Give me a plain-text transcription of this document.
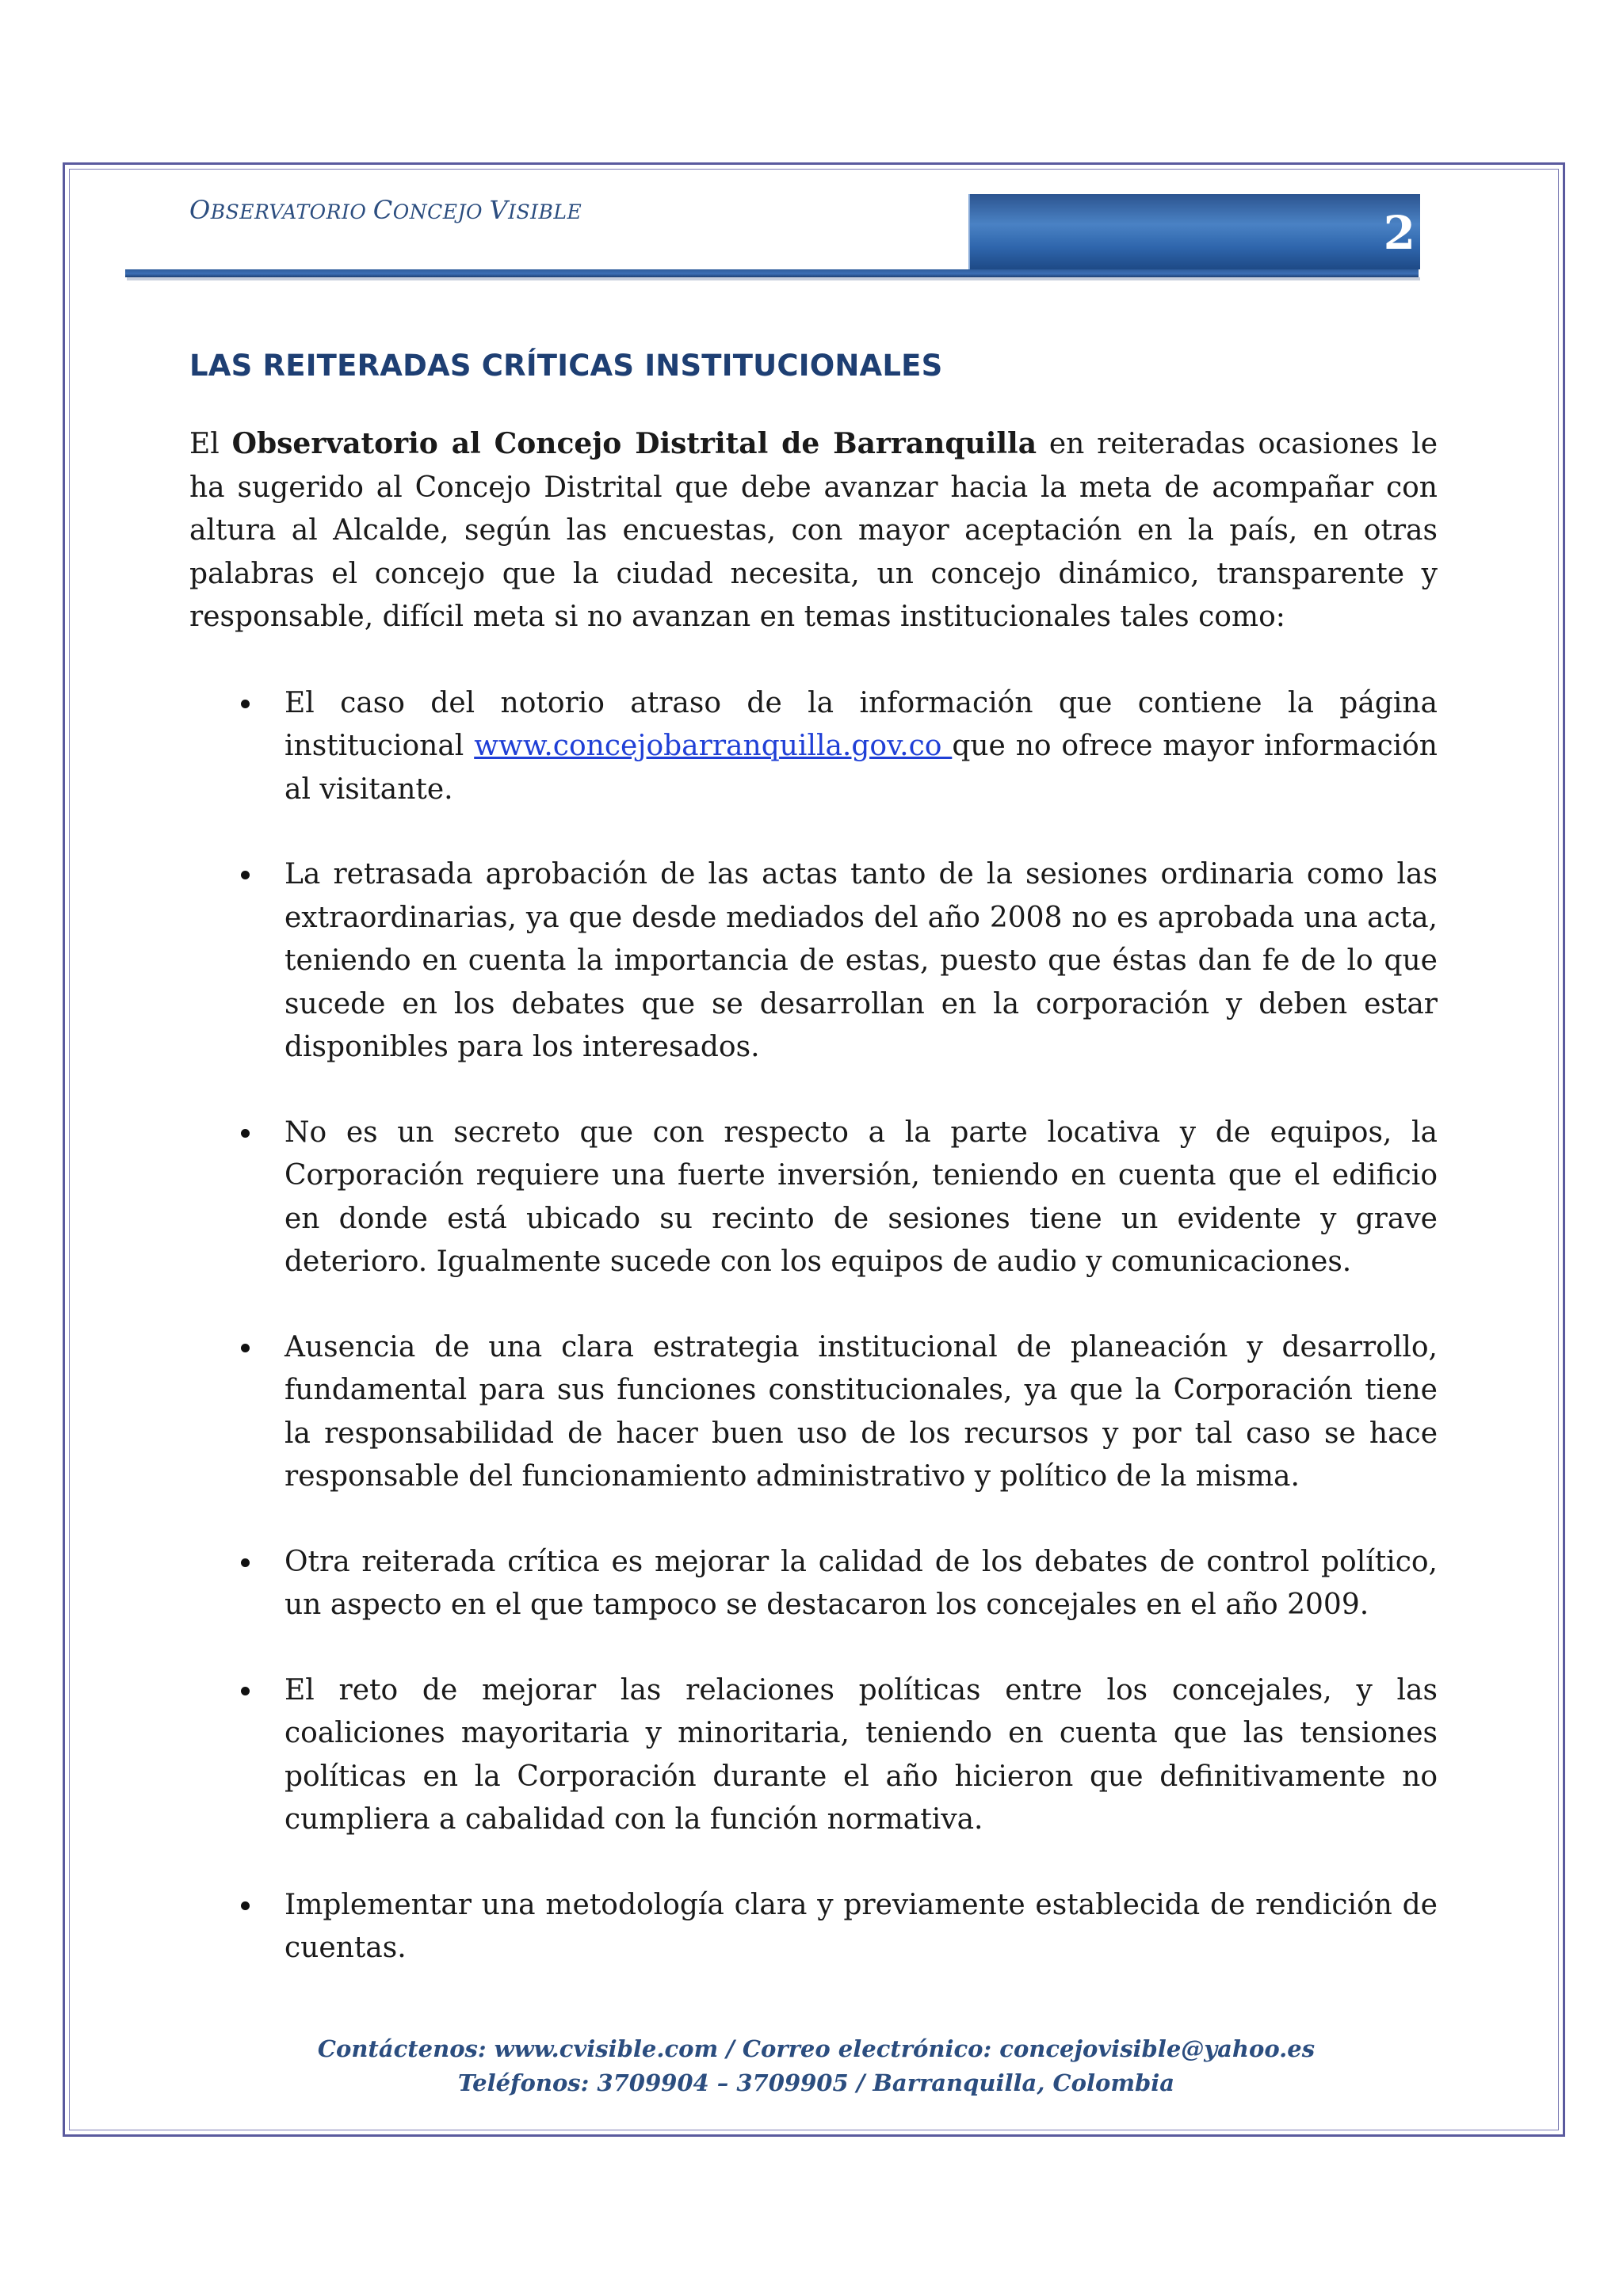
OBSERVATORIO CONCEJO VISIBLE	2

LAS REITERADAS CRÍTICAS INSTITUCIONALES

El Observatorio al Concejo Distrital de Barranquilla en reiteradas ocasiones le ha sugerido al Concejo Distrital que debe avanzar hacia la meta de acompañar con altura al Alcalde, según las encuestas, con mayor aceptación en la país, en otras palabras el concejo que la ciudad necesita, un concejo dinámico, transparente y responsable, difícil meta si no avanzan en temas institucionales tales como:

El caso del notorio atraso de la información que contiene la página institucional www.concejobarranquilla.gov.co que no ofrece mayor información al visitante.
La retrasada aprobación de las actas tanto de la sesiones ordinaria como las extraordinarias, ya que desde mediados del año 2008 no es aprobada una acta, teniendo en cuenta la importancia de estas, puesto que éstas dan fe de lo que sucede en los debates que se desarrollan en la corporación y deben estar disponibles para los interesados.
No es un secreto que con respecto a la parte locativa y de equipos, la Corporación requiere una fuerte inversión, teniendo en cuenta que el edificio en donde está ubicado su recinto de sesiones tiene un evidente y grave deterioro. Igualmente sucede con los equipos de audio y comunicaciones.
Ausencia de una clara estrategia institucional de planeación y desarrollo, fundamental para sus funciones constitucionales, ya que la Corporación tiene la responsabilidad de hacer buen uso de los recursos y por tal caso se hace responsable del funcionamiento administrativo y político de la misma.
Otra reiterada crítica es mejorar la calidad de los debates de control político, un aspecto en el que tampoco se destacaron los concejales en el año 2009.
El reto de mejorar las relaciones políticas entre los concejales, y las coaliciones mayoritaria y minoritaria, teniendo en cuenta que las tensiones políticas en la Corporación durante el año hicieron que definitivamente no cumpliera a cabalidad con la función normativa.
Implementar una metodología clara y previamente establecida de rendición de cuentas.

Contáctenos: www.cvisible.com / Correo electrónico: concejovisible@yahoo.es

Teléfonos: 3709904 – 3709905 / Barranquilla, Colombia
